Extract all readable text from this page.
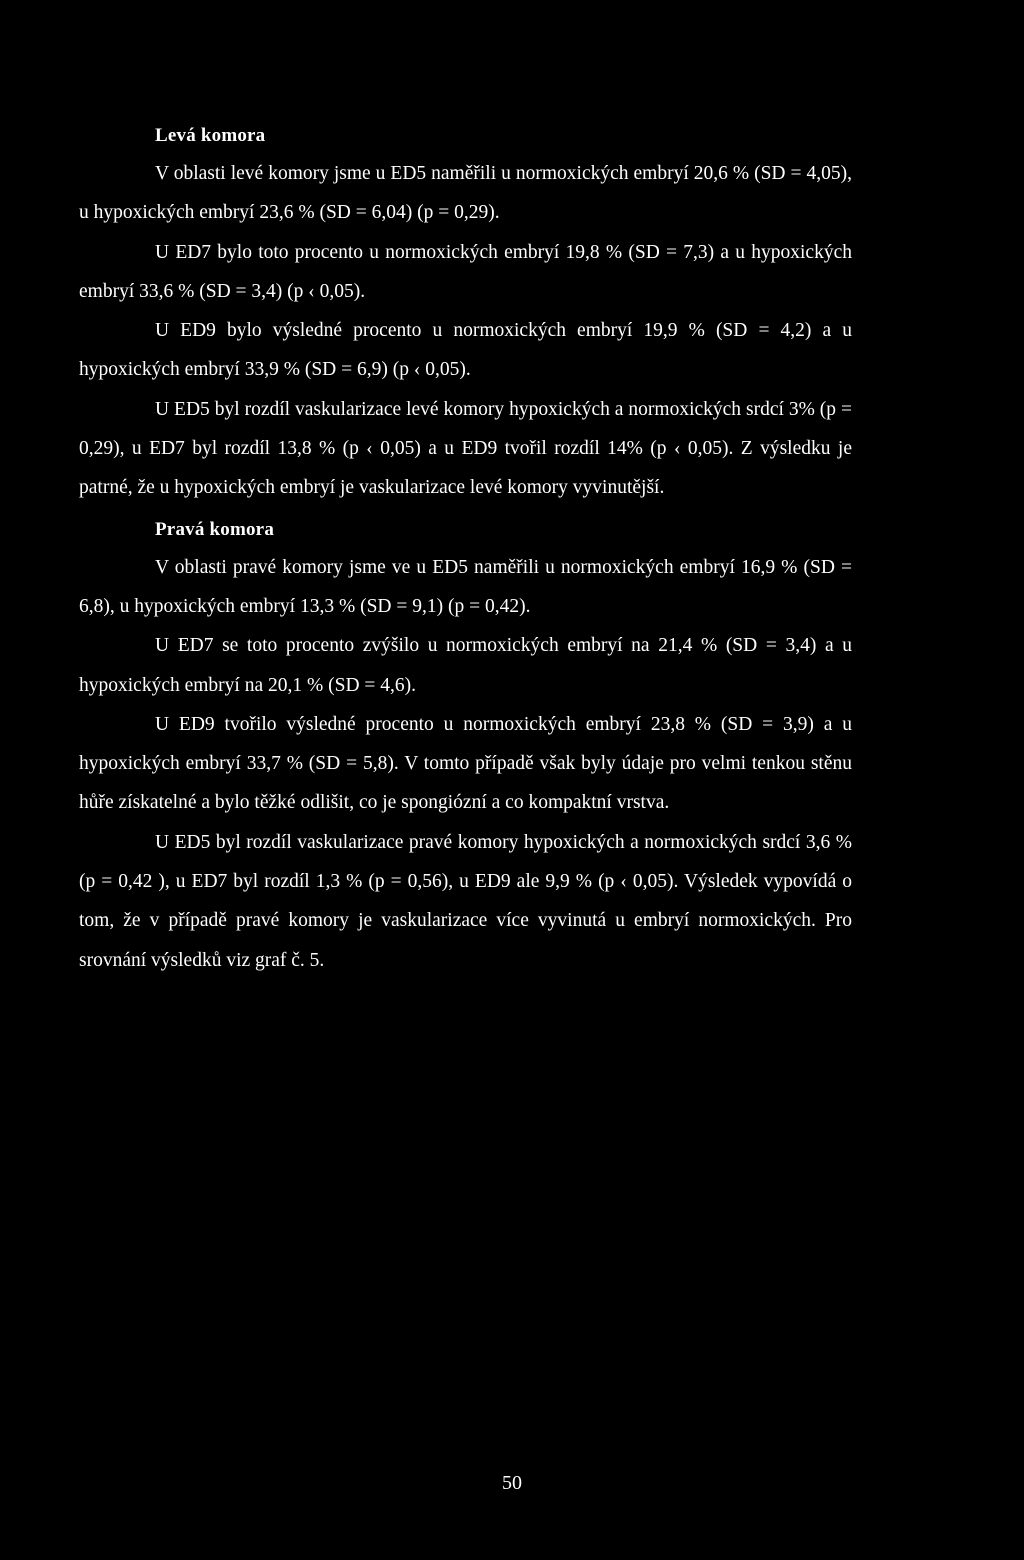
Levá komora

V oblasti levé komory jsme u ED5 naměřili u normoxických embryí 20,6 % (SD = 4,05), u hypoxických embryí 23,6 % (SD = 6,04) (p = 0,29).

U ED7 bylo toto procento u normoxických embryí 19,8 % (SD = 7,3) a u hypoxických embryí 33,6 % (SD = 3,4) (p ‹ 0,05).

U ED9 bylo výsledné procento u normoxických embryí 19,9 % (SD = 4,2) a u hypoxických embryí 33,9 % (SD = 6,9) (p ‹ 0,05).

U ED5 byl rozdíl vaskularizace levé komory hypoxických a normoxických srdcí 3% (p = 0,29), u ED7 byl rozdíl 13,8 % (p ‹ 0,05) a u ED9 tvořil rozdíl 14% (p ‹ 0,05). Z výsledku je patrné, že u hypoxických embryí je vaskularizace levé komory vyvinutější.

Pravá komora

V oblasti pravé komory jsme ve u ED5 naměřili u normoxických embryí 16,9 % (SD = 6,8), u hypoxických embryí 13,3 % (SD = 9,1) (p = 0,42).

U ED7 se toto procento zvýšilo u normoxických embryí na 21,4 % (SD = 3,4) a u hypoxických embryí na 20,1 % (SD = 4,6).

U ED9 tvořilo výsledné procento u normoxických embryí 23,8 % (SD = 3,9) a u hypoxických embryí 33,7 % (SD = 5,8). V tomto případě však byly údaje pro velmi tenkou stěnu hůře získatelné a bylo těžké odlišit, co je spongiózní a co kompaktní vrstva.

U ED5 byl rozdíl vaskularizace pravé komory hypoxických a normoxických srdcí 3,6 % (p = 0,42 ), u ED7 byl rozdíl 1,3 % (p = 0,56), u ED9 ale 9,9 % (p ‹ 0,05). Výsledek vypovídá o tom, že v případě pravé komory je vaskularizace více vyvinutá u embryí normoxických. Pro srovnání výsledků viz graf č. 5.

50
